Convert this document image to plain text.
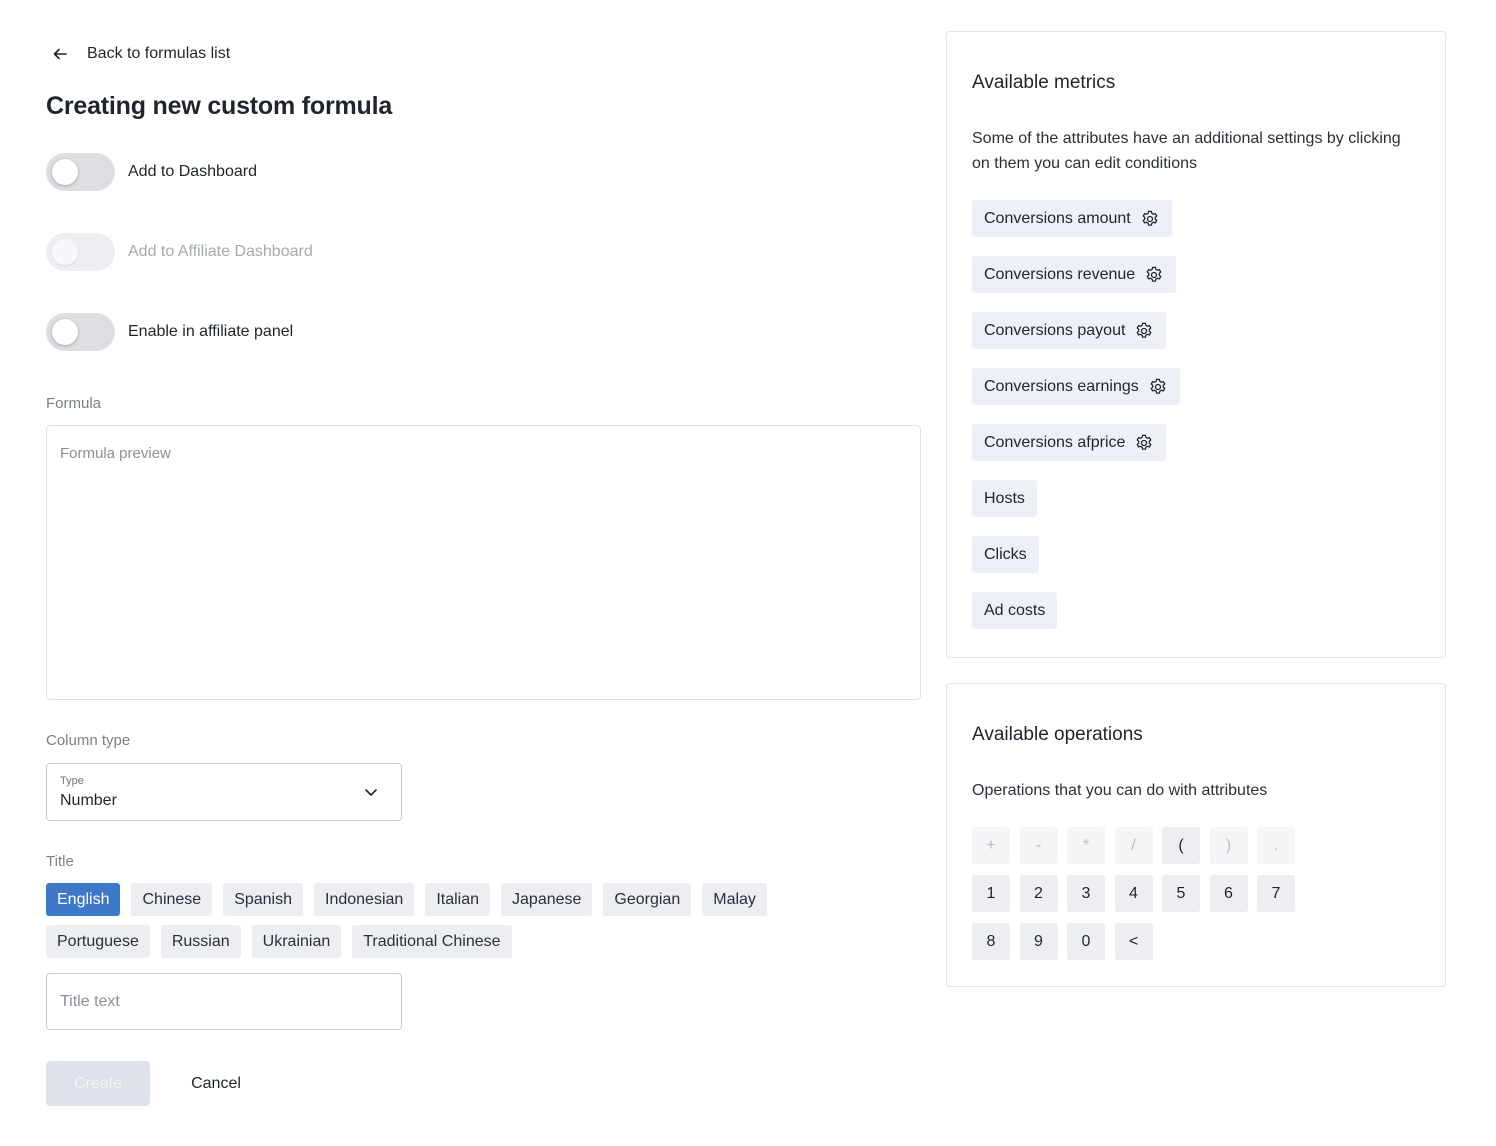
Back to formulas list
Creating new custom formula
Add to Dashboard
Add to Affiliate Dashboard
Enable in affiliate panel
Formula
Formula preview
Column type
Type
Number
Title
English	Chinese	Spanish	Indonesian	Italian	Japanese	Georgian	Malay
Portuguese	Russian	Ukrainian	Traditional Chinese
Title text
Create	Cancel
Available metrics
Some of the attributes have an additional settings by clicking on them you can edit conditions
Conversions amount
Conversions revenue
Conversions payout
Conversions earnings
Conversions afprice
Hosts
Clicks
Ad costs
Available operations
Operations that you can do with attributes
+	-	*	/	(	)	.
1	2	3	4	5	6	7
8	9	0	<
